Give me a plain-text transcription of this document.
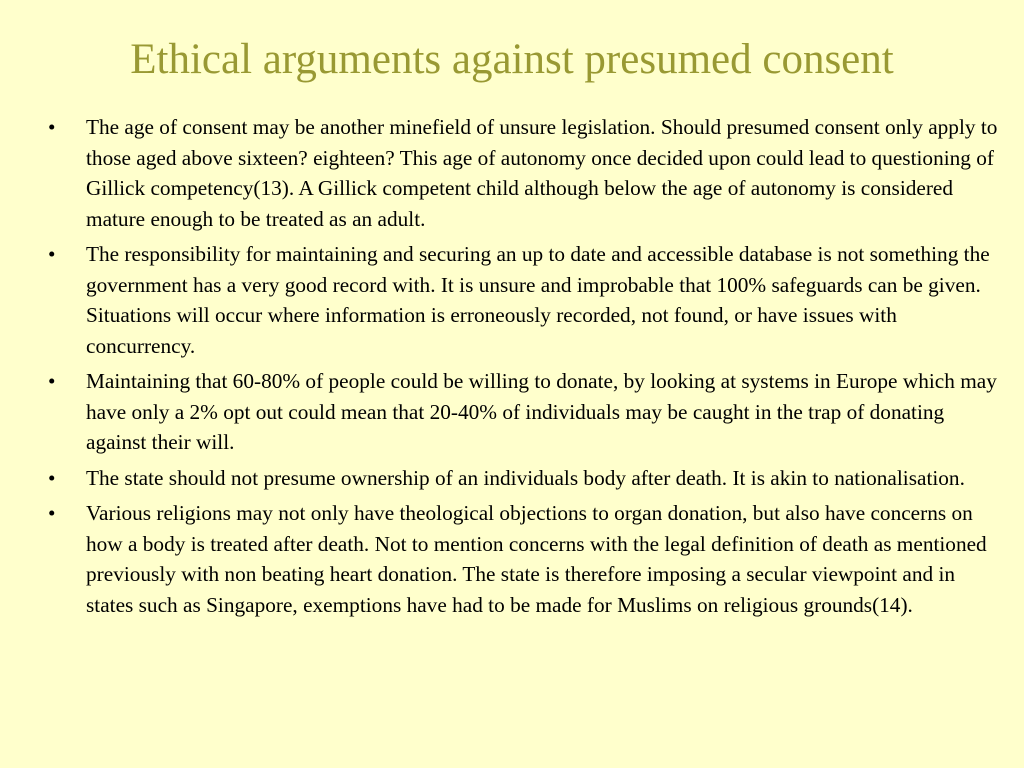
Ethical arguments against presumed consent
• The age of consent may be another minefield of unsure legislation. Should presumed consent only apply to those aged above sixteen? eighteen? This age of autonomy once decided upon could lead to questioning of Gillick competency(13). A Gillick competent child although below the age of autonomy is considered mature enough to be treated as an adult.
• The responsibility for maintaining and securing an up to date and accessible database is not something the government has a very good record with. It is unsure and improbable that 100% safeguards can be given. Situations will occur where information is erroneously recorded, not found, or have issues with concurrency.
• Maintaining that 60-80% of people could be willing to donate, by looking at systems in Europe which may have only a 2% opt out could mean that 20-40% of individuals may be caught in the trap of donating against their will.
• The state should not presume ownership of an individuals body after death. It is akin to nationalisation.
• Various religions may not only have theological objections to organ donation, but also have concerns on how a body is treated after death. Not to mention concerns with the legal definition of death as mentioned previously with non beating heart donation. The state is therefore imposing a secular viewpoint and in states such as Singapore, exemptions have had to be made for Muslims on religious grounds(14).
